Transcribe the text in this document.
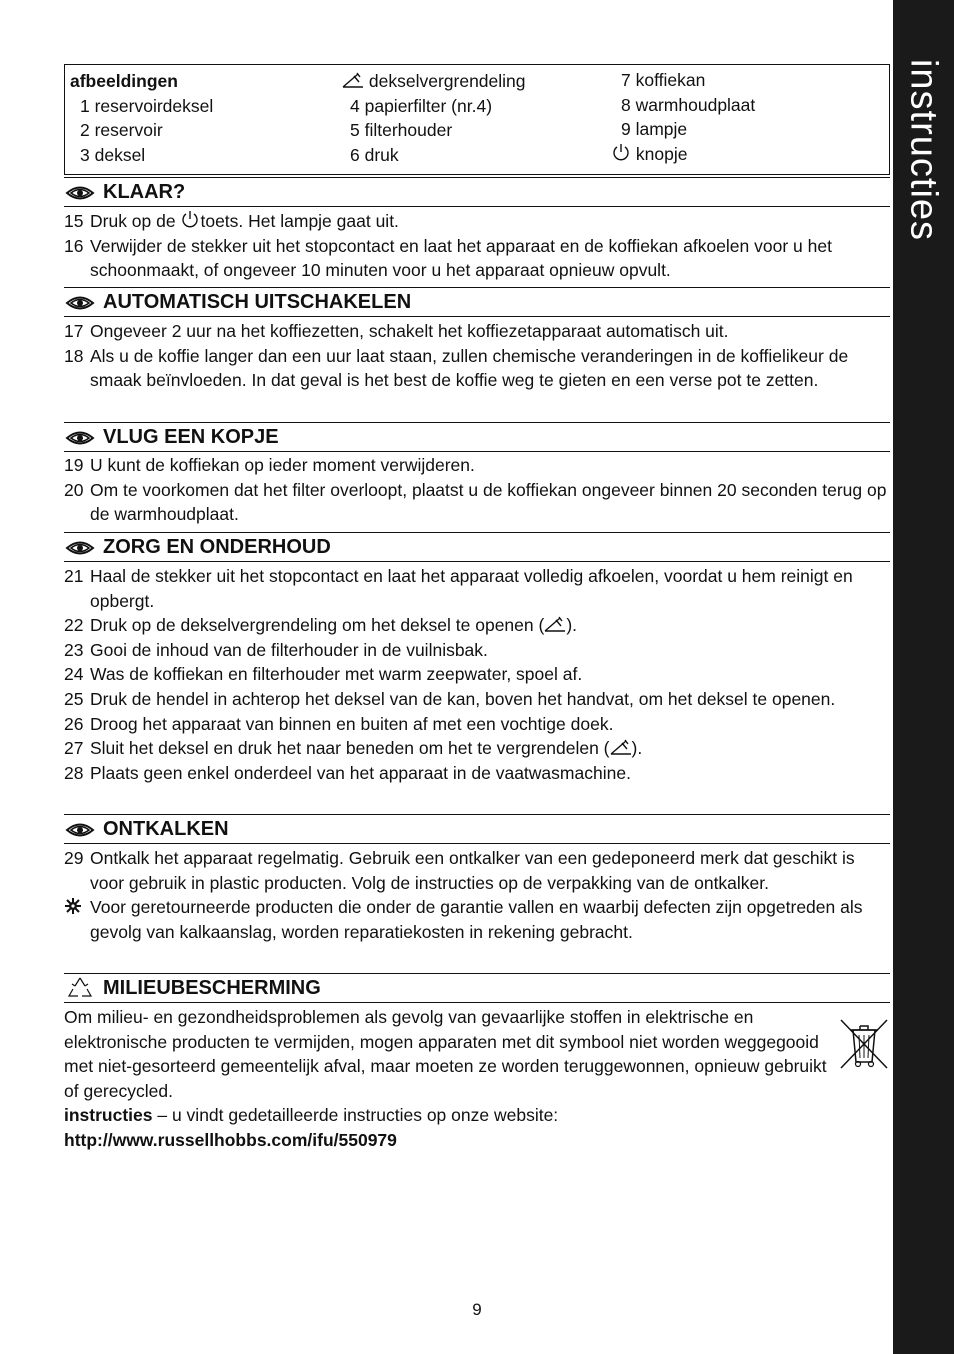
instructies
afbeeldingen
1 reservoirdeksel
2 reservoir
3 deksel
dekselvergrendeling
4 papierfilter (nr.4)
5 filterhouder
6 druk
7 koffiekan
8 warmhoudplaat
9 lampje
knopje
KLAAR?
15 Druk op de toets. Het lampje gaat uit.
16 Verwijder de stekker uit het stopcontact en laat het apparaat en de koffiekan afkoelen voor u het schoonmaakt, of ongeveer 10 minuten voor u het apparaat opnieuw opvult.
AUTOMATISCH UITSCHAKELEN
17 Ongeveer 2 uur na het koffiezetten, schakelt het koffiezetapparaat automatisch uit.
18 Als u de koffie langer dan een uur laat staan, zullen chemische veranderingen in de koffielikeur de smaak beïnvloeden. In dat geval is het best de koffie weg te gieten en een verse pot te zetten.
VLUG EEN KOPJE
19 U kunt de koffiekan op ieder moment verwijderen.
20 Om te voorkomen dat het filter overloopt, plaatst u de koffiekan ongeveer binnen 20 seconden terug op de warmhoudplaat.
ZORG EN ONDERHOUD
21 Haal de stekker uit het stopcontact en laat het apparaat volledig afkoelen, voordat u hem reinigt en opbergt.
22 Druk op de dekselvergrendeling om het deksel te openen ( ).
23 Gooi de inhoud van de filterhouder in de vuilnisbak.
24 Was de koffiekan en filterhouder met warm zeepwater, spoel af.
25 Druk de hendel in achterop het deksel van de kan, boven het handvat, om het deksel te openen.
26 Droog het apparaat van binnen en buiten af met een vochtige doek.
27 Sluit het deksel en druk het naar beneden om het te vergrendelen ( ).
28 Plaats geen enkel onderdeel van het apparaat in de vaatwasmachine.
ONTKALKEN
29 Ontkalk het apparaat regelmatig. Gebruik een ontkalker van een gedeponeerd merk dat geschikt is voor gebruik in plastic producten. Volg de instructies op de verpakking van de ontkalker.
Voor geretourneerde producten die onder de garantie vallen en waarbij defecten zijn opgetreden als gevolg van kalkaanslag, worden reparatiekosten in rekening gebracht.
MILIEUBESCHERMING
Om milieu- en gezondheidsproblemen als gevolg van gevaarlijke stoffen in elektrische en elektronische producten te vermijden, mogen apparaten met dit symbool niet worden weggegooid met niet-gesorteerd gemeentelijk afval, maar moeten ze worden teruggewonnen, opnieuw gebruikt of gerecycled.
instructies – u vindt gedetailleerde instructies op onze website:
http://www.russellhobbs.com/ifu/550979
9
